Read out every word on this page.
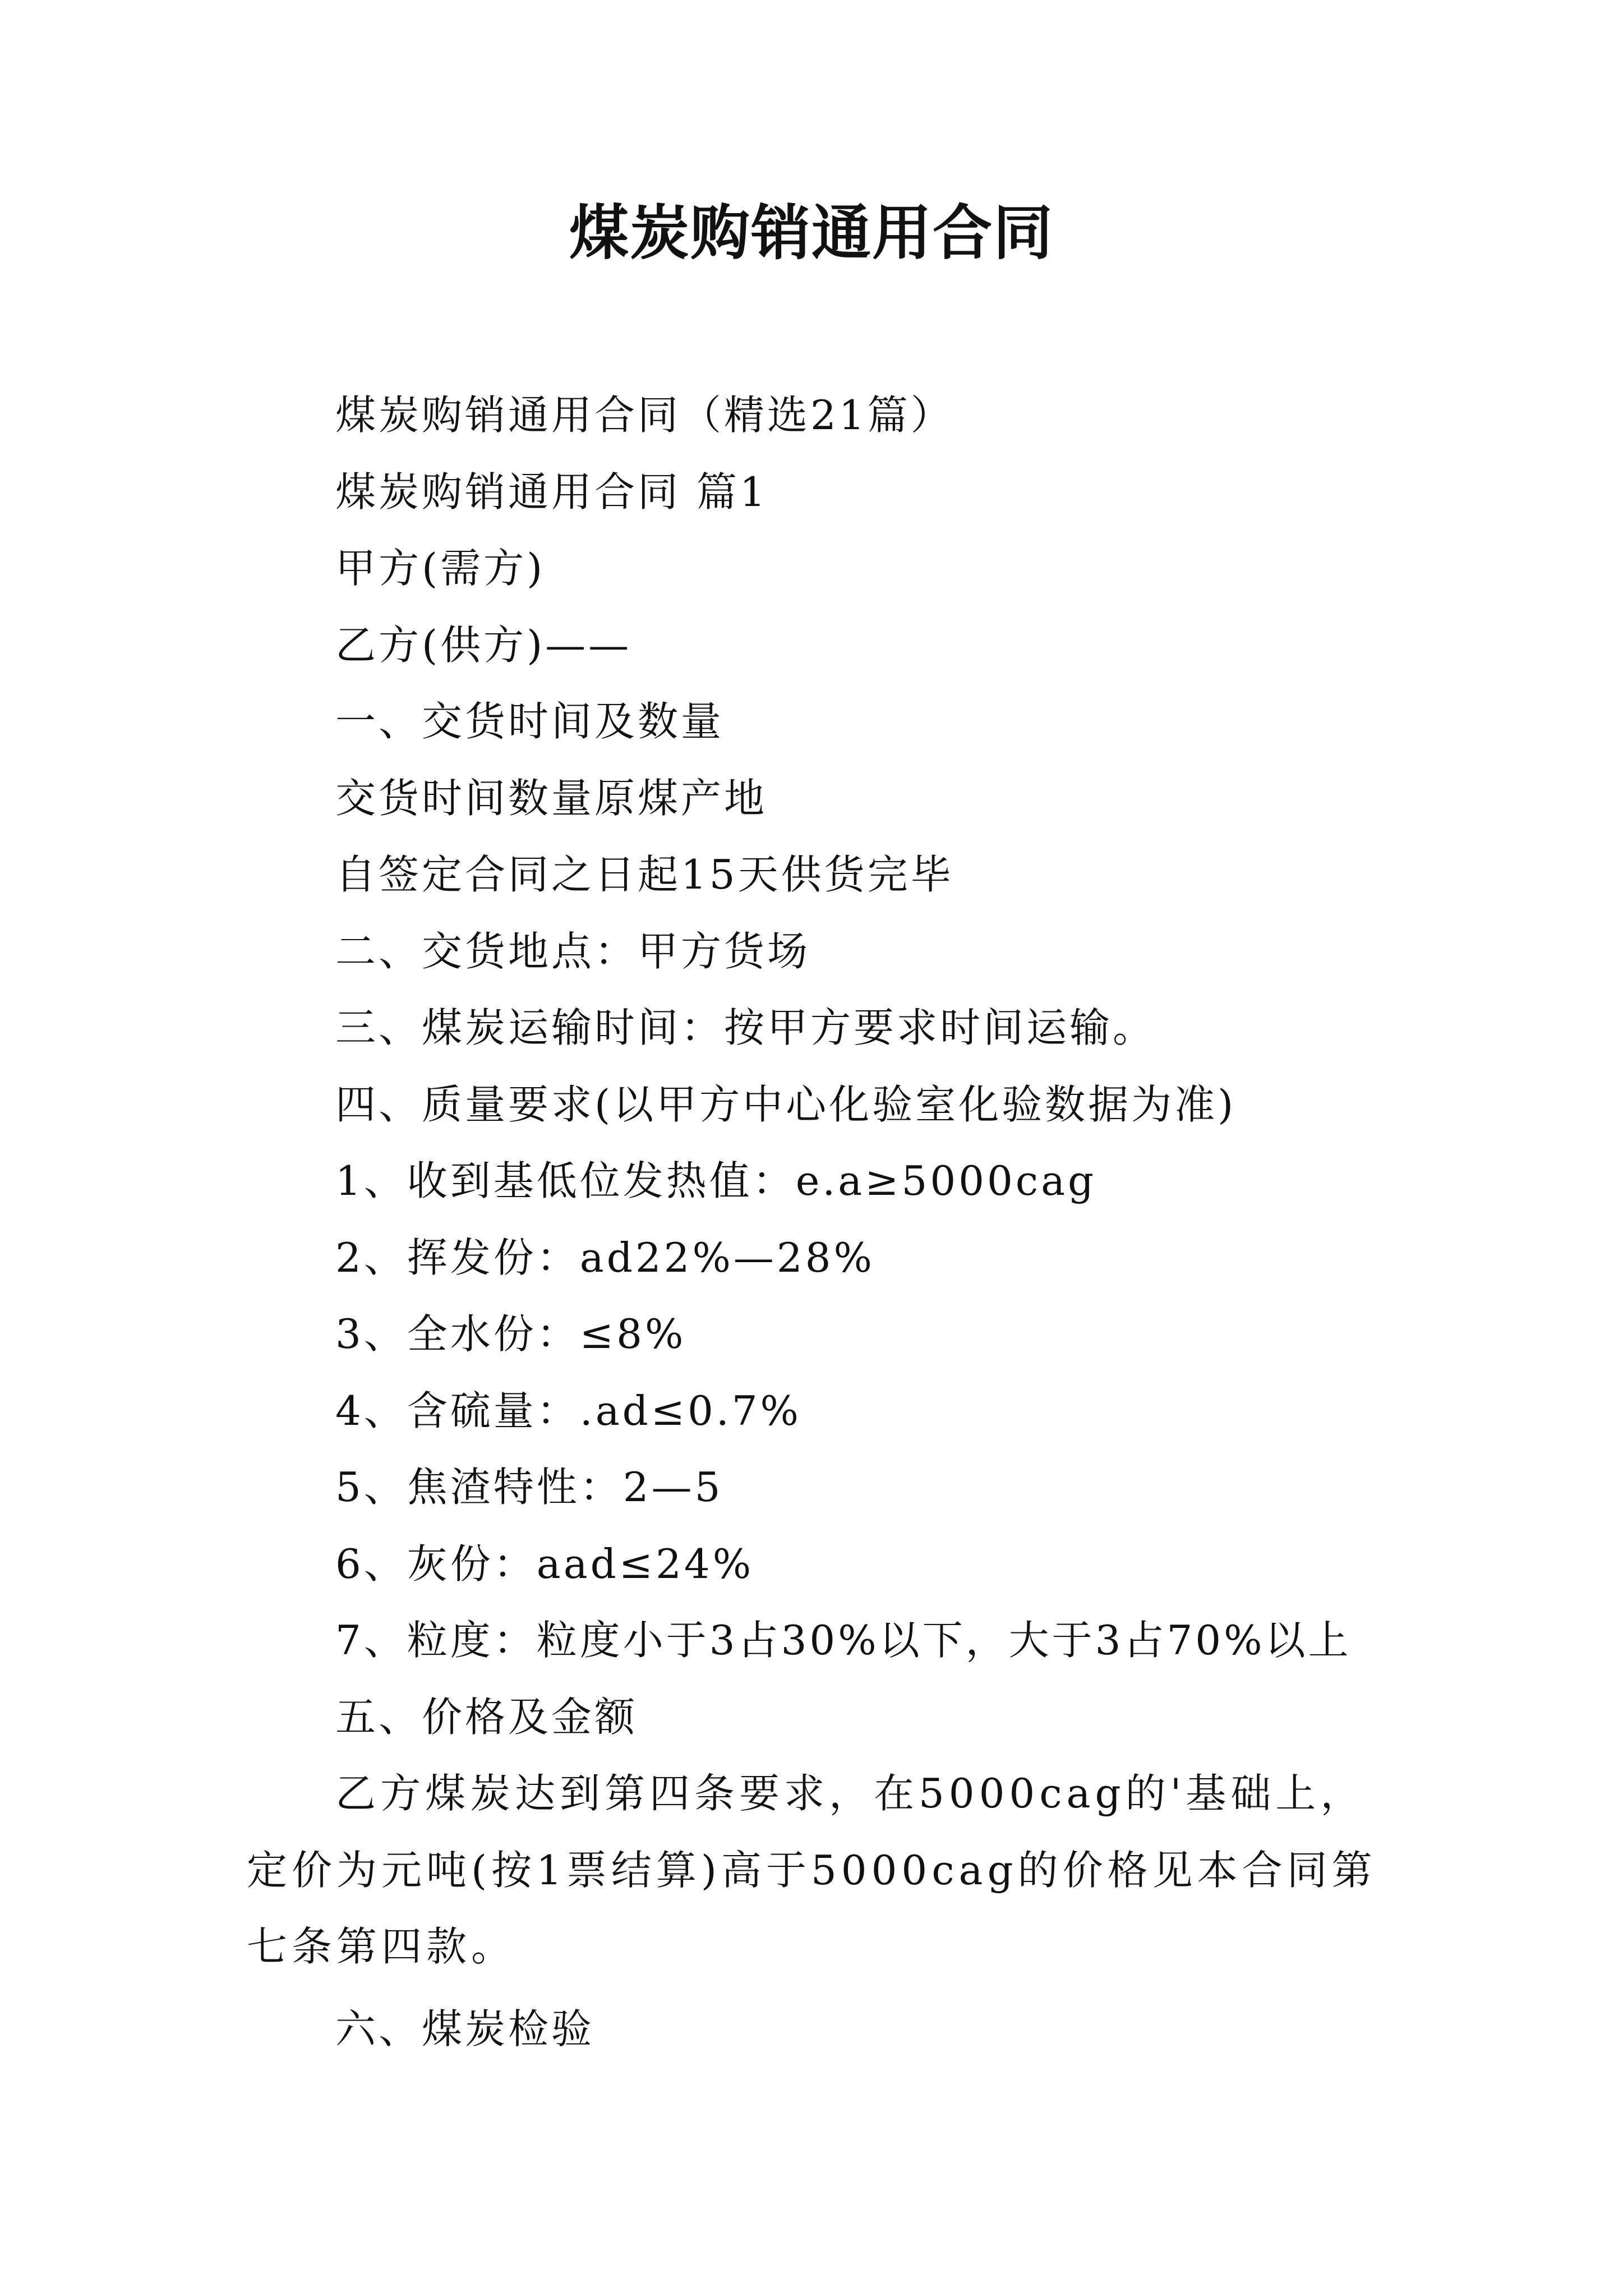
煤炭购销通用合同
煤炭购销通用合同（精选21篇）
煤炭购销通用合同 篇1
甲方(需方)
乙方(供方)——
一、交货时间及数量
交货时间数量原煤产地
自签定合同之日起15天供货完毕
二、交货地点：甲方货场
三、煤炭运输时间：按甲方要求时间运输。
四、质量要求(以甲方中心化验室化验数据为准)
1、收到基低位发热值：e.a≥5000cag
2、挥发份：ad22%—28%
3、全水份：≤8%
4、含硫量：.ad≤0.7%
5、焦渣特性：2—5
6、灰份：aad≤24%
7、粒度：粒度小于3占30%以下，大于3占70%以上
五、价格及金额
乙方煤炭达到第四条要求，在5000cag的'基础上，定价为元吨(按1票结算)高于5000cag的价格见本合同第七条第四款。
六、煤炭检验
